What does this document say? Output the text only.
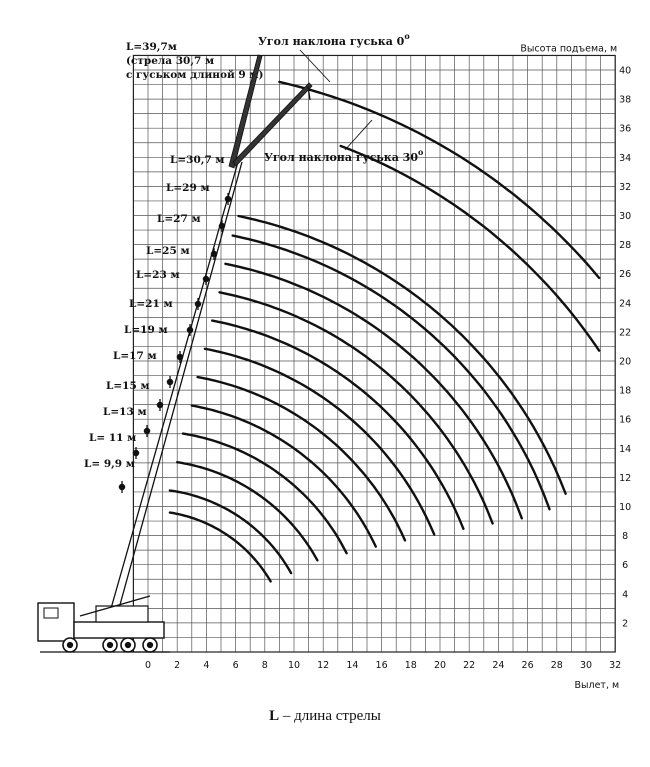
0 2 4 6 8 10 12 14 16 18 20 22 24 26 28 30 32
2
4
6
8
10
12
14
16
18
20
22
24
26
28
30
32
34
36
38
40
Высота подъема, м
Вылет, м
L= 9,9 м
L= 11 м
L=13 м
L=15 м
L=17 м
L=19 м
L=21 м
L=23 м
L=25 м
L=27 м
L=29 м
L=30,7 м
Угол наклона гуська $0^о$
Угол наклона гуська $30^о$
L=39,7м
(стрела 30,7 м
с гуськом длиной 9 м)
L – длина стрелы
